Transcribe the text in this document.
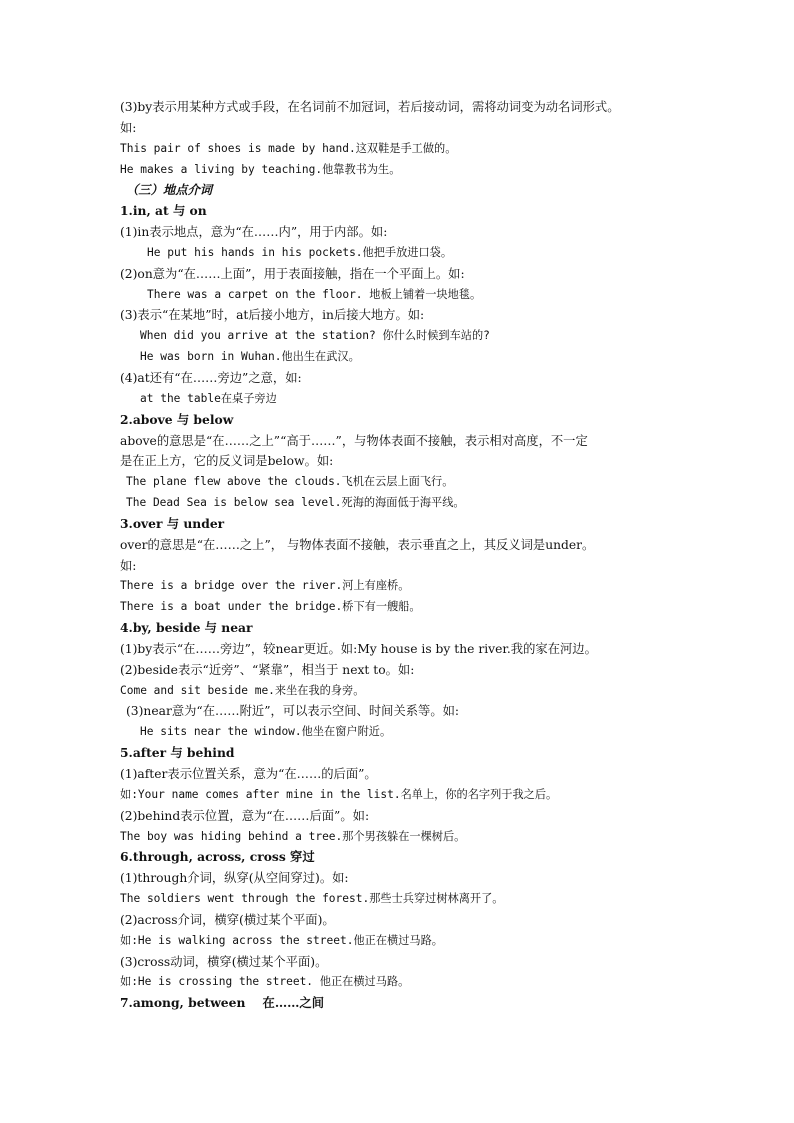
(3)by表示用某种方式或手段，在名词前不加冠词，若后接动词，需将动词变为动名词形式。
如:
This pair of shoes is made by hand.这双鞋是手工做的。
He makes a living by teaching.他靠教书为生。
（三）地点介词
1.in, at 与 on
(1)in表示地点，意为“在……内”，用于内部。如:
He put his hands in his pockets.他把手放进口袋。
(2)on意为“在……上面”，用于表面接触，指在一个平面上。如:
There was a carpet on the floor. 地板上铺着一块地毯。
(3)表示“在某地”时，at后接小地方，in后接大地方。如:
When did you arrive at the station? 你什么时候到车站的?
He was born in Wuhan.他出生在武汉。
(4)at还有“在……旁边”之意，如:
at the table在桌子旁边
2.above 与 below
above的意思是“在……之上”“高于……”，与物体表面不接触，表示相对高度，不一定
是在正上方，它的反义词是below。如:
The plane flew above the clouds.飞机在云层上面飞行。
The Dead Sea is below sea level.死海的海面低于海平线。
3.over 与 under
over的意思是“在……之上”， 与物体表面不接触，表示垂直之上，其反义词是under。
如:
There is a bridge over the river.河上有座桥。
There is a boat under the bridge.桥下有一艘船。
4.by, beside 与 near
(1)by表示“在……旁边”，较near更近。如:My house is by the river.我的家在河边。
(2)beside表示“近旁”、“紧靠”，相当于 next to。如:
Come and sit beside me.来坐在我的身旁。
(3)near意为“在……附近”，可以表示空间、时间关系等。如:
He sits near the window.他坐在窗户附近。
5.after 与 behind
(1)after表示位置关系，意为“在……的后面”。
如:Your name comes after mine in the list.名单上，你的名字列于我之后。
(2)behind表示位置，意为“在……后面”。如:
The boy was hiding behind a tree.那个男孩躲在一棵树后。
6.through, across, cross 穿过
(1)through介词，纵穿(从空间穿过)。如:
The soldiers went through the forest.那些士兵穿过树林离开了。
(2)across介词，横穿(横过某个平面)。
如:He is walking across the street.他正在横过马路。
(3)cross动词，横穿(横过某个平面)。
如:He is crossing the street. 他正在横过马路。
7.among, between    在……之间
